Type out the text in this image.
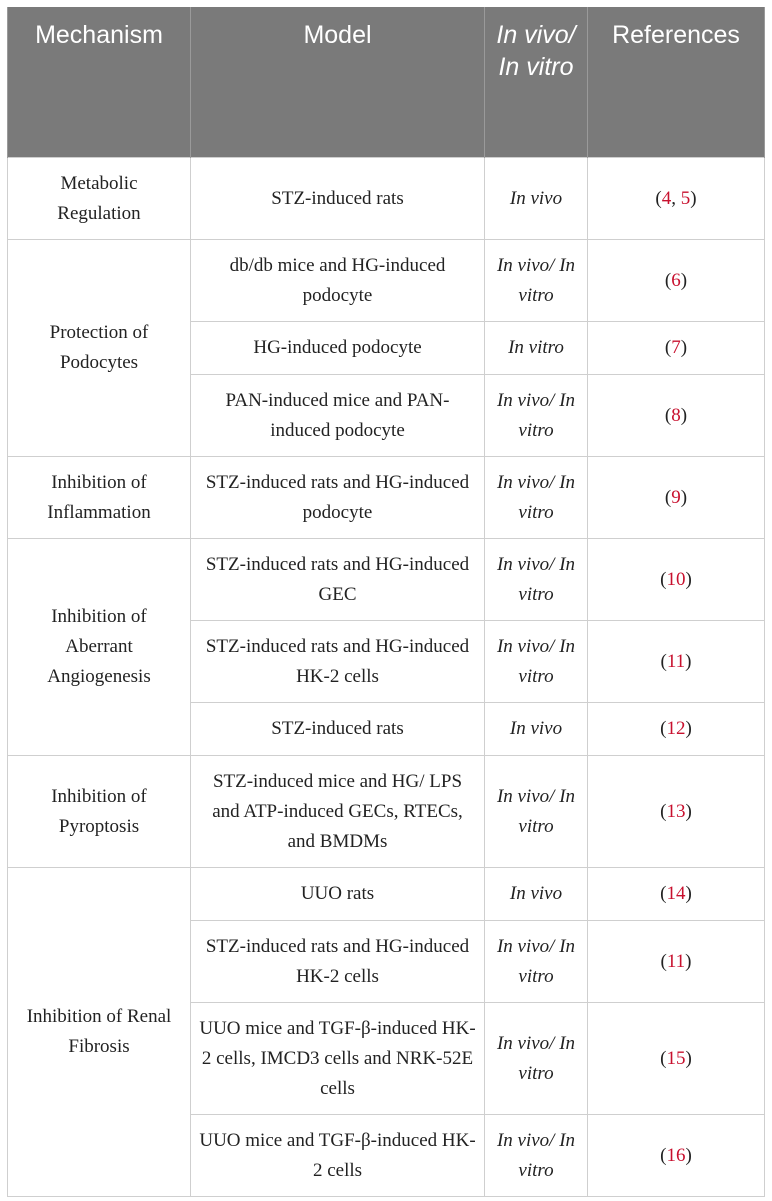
Mechanism	Model	In vivo/ In vitro	References
Metabolic Regulation	STZ-induced rats	In vivo	(4, 5)
Protection of Podocytes	db/db mice and HG-induced podocyte	In vivo/ In vitro	(6)
	HG-induced podocyte	In vitro	(7)
	PAN-induced mice and PAN-induced podocyte	In vivo/ In vitro	(8)
Inhibition of Inflammation	STZ-induced rats and HG-induced podocyte	In vivo/ In vitro	(9)
Inhibition of Aberrant Angiogenesis	STZ-induced rats and HG-induced GEC	In vivo/ In vitro	(10)
	STZ-induced rats and HG-induced HK-2 cells	In vivo/ In vitro	(11)
	STZ-induced rats	In vivo	(12)
Inhibition of Pyroptosis	STZ-induced mice and HG/ LPS and ATP-induced GECs, RTECs, and BMDMs	In vivo/ In vitro	(13)
Inhibition of Renal Fibrosis	UUO rats	In vivo	(14)
	STZ-induced rats and HG-induced HK-2 cells	In vivo/ In vitro	(11)
	UUO mice and TGF-β-induced HK-2 cells, IMCD3 cells and NRK-52E cells	In vivo/ In vitro	(15)
	UUO mice and TGF-β-induced HK-2 cells	In vivo/ In vitro	(16)
